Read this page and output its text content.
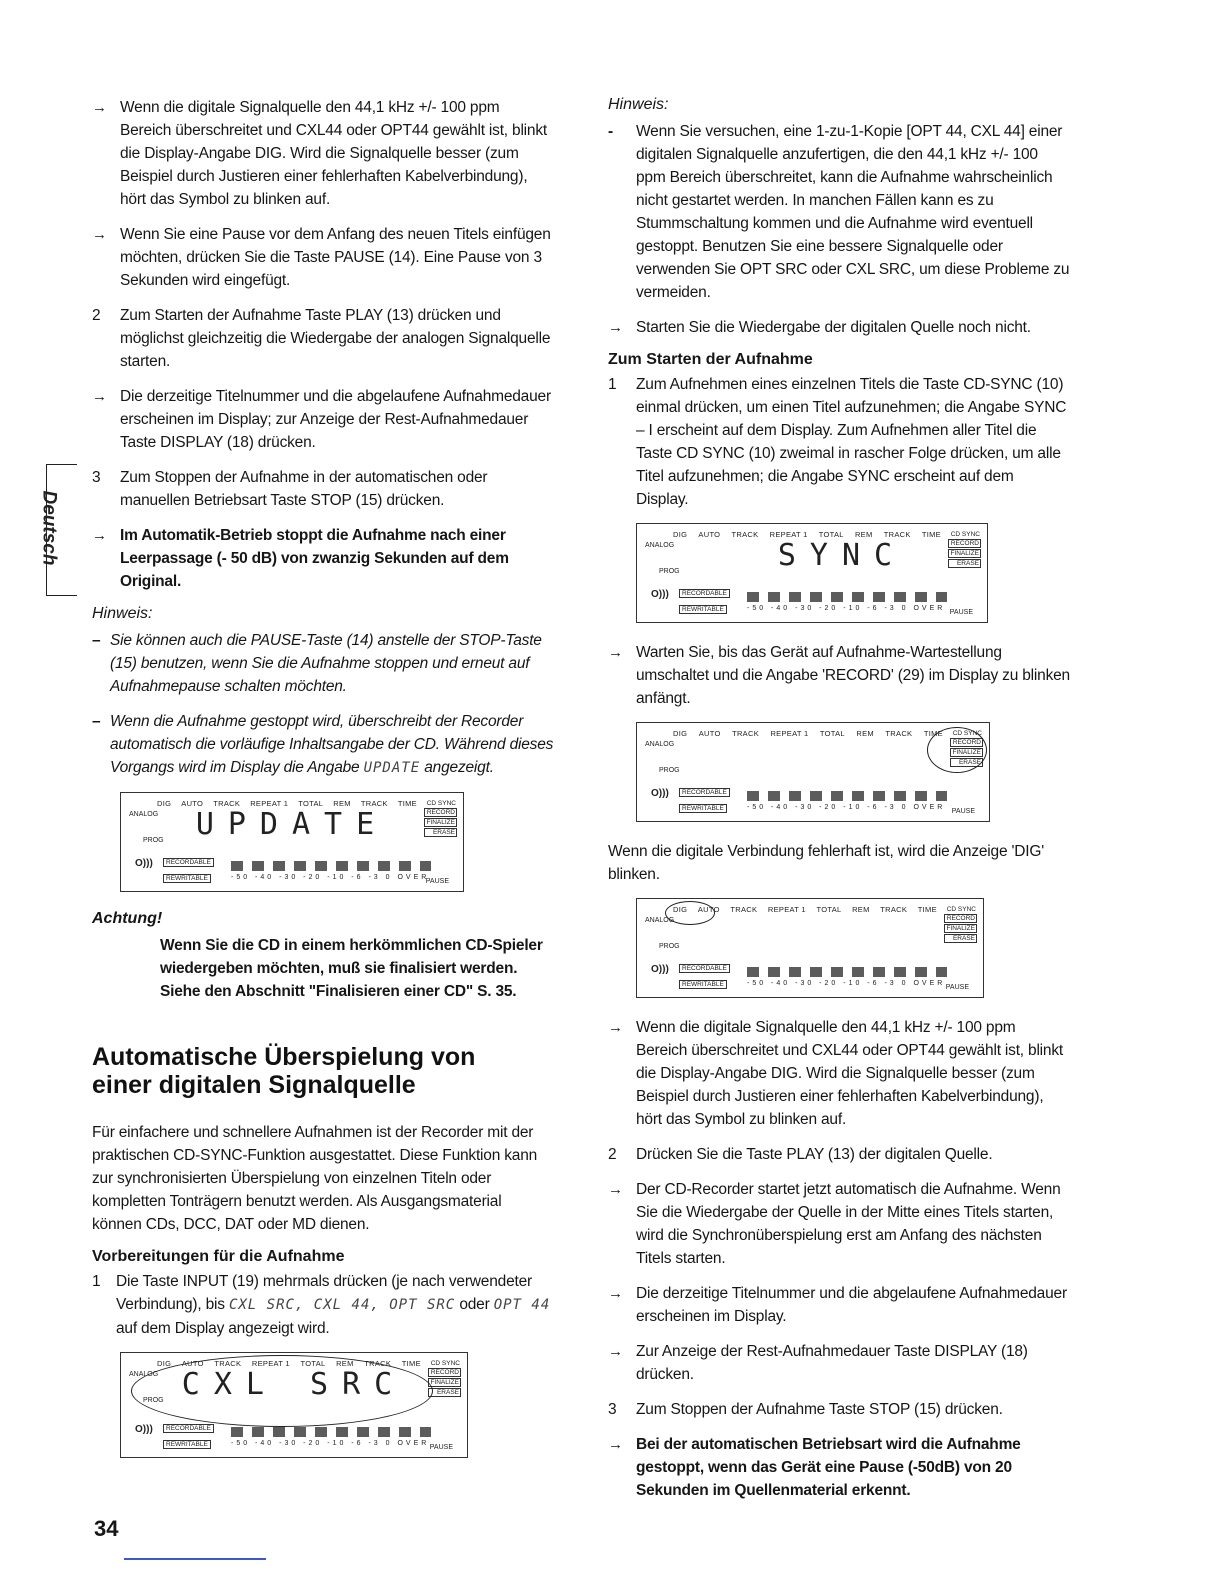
Deutsch
→ Wenn die digitale Signalquelle den 44,1 kHz +/- 100 ppm Bereich überschreitet und CXL44 oder OPT44 gewählt ist, blinkt die Display-Angabe DIG. Wird die Signalquelle besser (zum Beispiel durch Justieren einer fehlerhaften Kabelverbindung), hört das Symbol zu blinken auf.
→ Wenn Sie eine Pause vor dem Anfang des neuen Titels einfügen möchten, drücken Sie die Taste PAUSE (14). Eine Pause von 3 Sekunden wird eingefügt.
2	Zum Starten der Aufnahme Taste PLAY (13) drücken und möglichst gleichzeitig die Wiedergabe der analogen Signalquelle starten.
→ Die derzeitige Titelnummer und die abgelaufene Aufnahmedauer erscheinen im Display; zur Anzeige der Rest-Aufnahmedauer Taste DISPLAY (18) drücken.
3	Zum Stoppen der Aufnahme in der automatischen oder manuellen Betriebsart Taste STOP (15) drücken.
→ Im Automatik-Betrieb stoppt die Aufnahme nach einer Leerpassage (- 50 dB) von zwanzig Sekunden auf dem Original.
Hinweis:
– Sie können auch die PAUSE-Taste (14) anstelle der STOP-Taste (15) benutzen, wenn Sie die Aufnahme stoppen und erneut auf Aufnahmepause schalten möchten.
– Wenn die Aufnahme gestoppt wird, überschreibt der Recorder automatisch die vorläufige Inhaltsangabe der CD. Während dieses Vorgangs wird im Display die Angabe UPDATE angezeigt.
DIG AUTO TRACK REPEAT 1 TOTAL REM TRACK TIME
ANALOG
PROG	UPDATE
CD SYNC
RECORD
FINALIZE
ERASE
O)))	RECORDABLE
REWRITABLE	-50 -40 -30 -20 -10 -6 -3 0 OVER
PAUSE
Achtung!
Wenn Sie die CD in einem herkömmlichen CD-Spieler wiedergeben möchten, muß sie finalisiert werden. Siehe den Abschnitt "Finalisieren einer CD" S. 35.
Automatische Überspielung von einer digitalen Signalquelle
Für einfachere und schnellere Aufnahmen ist der Recorder mit der praktischen CD-SYNC-Funktion ausgestattet. Diese Funktion kann zur synchronisierten Überspielung von einzelnen Titeln oder kompletten Tonträgern benutzt werden. Als Ausgangsmaterial können CDs, DCC, DAT oder MD dienen.
Vorbereitungen für die Aufnahme
1	Die Taste INPUT (19) mehrmals drücken (je nach verwendeter Verbindung), bis CXL SRC, CXL 44, OPT SRC oder OPT 44 auf dem Display angezeigt wird.
DIG AUTO TRACK REPEAT 1 TOTAL REM TRACK TIME
ANALOG
PROG CXL SRC
CD SYNC
RECORD
FINALIZE
ERASE
O)))	RECORDABLE
REWRITABLE	-50 -40 -30 -20 -10 -6 -3 0 OVER
PAUSE
Hinweis:
-	Wenn Sie versuchen, eine 1-zu-1-Kopie [OPT 44, CXL 44] einer digitalen Signalquelle anzufertigen, die den 44,1 kHz +/- 100 ppm Bereich überschreitet, kann die Aufnahme wahrscheinlich nicht gestartet werden. In manchen Fällen kann es zu Stummschaltung kommen und die Aufnahme wird eventuell gestoppt. Benutzen Sie eine bessere Signalquelle oder verwenden Sie OPT SRC oder CXL SRC, um diese Probleme zu vermeiden.
→ Starten Sie die Wiedergabe der digitalen Quelle noch nicht.
Zum Starten der Aufnahme
1	Zum Aufnehmen eines einzelnen Titels die Taste CD-SYNC (10) einmal drücken, um einen Titel aufzunehmen; die Angabe SYNC – I erscheint auf dem Display. Zum Aufnehmen aller Titel die Taste CD SYNC (10) zweimal in rascher Folge drücken, um alle Titel aufzunehmen; die Angabe SYNC erscheint auf dem Display.
DIG AUTO TRACK REPEAT 1 TOTAL REM TRACK TIME
ANALOG
PROG	SYNC
CD SYNC
RECORD
FINALIZE
ERASE
O)))	RECORDABLE
REWRITABLE	-50 -40 -30 -20 -10 -6 -3 0 OVER
PAUSE
→ Warten Sie, bis das Gerät auf Aufnahme-Wartestellung umschaltet und die Angabe 'RECORD' (29) im Display zu blinken anfängt.
DIG AUTO TRACK REPEAT 1 TOTAL REM TRACK TIME
ANALOG
PROG
CD SYNC
RECORD
FINALIZE
ERASE
O)))	RECORDABLE
REWRITABLE	-50 -40 -30 -20 -10 -6 -3 0 OVER
PAUSE
Wenn die digitale Verbindung fehlerhaft ist, wird die Anzeige 'DIG' blinken.
DIG AUTO TRACK REPEAT 1 TOTAL REM TRACK TIME
ANALOG
PROG
CD SYNC
RECORD
FINALIZE
ERASE
O)))	RECORDABLE
REWRITABLE	-50 -40 -30 -20 -10 -6 -3 0 OVER
PAUSE
→ Wenn die digitale Signalquelle den 44,1 kHz +/- 100 ppm Bereich überschreitet und CXL44 oder OPT44 gewählt ist, blinkt die Display-Angabe DIG. Wird die Signalquelle besser (zum Beispiel durch Justieren einer fehlerhaften Kabelverbindung), hört das Symbol zu blinken auf.
2	Drücken Sie die Taste PLAY (13) der digitalen Quelle.
→ Der CD-Recorder startet jetzt automatisch die Aufnahme. Wenn Sie die Wiedergabe der Quelle in der Mitte eines Titels starten, wird die Synchronüberspielung erst am Anfang des nächsten Titels starten.
→ Die derzeitige Titelnummer und die abgelaufene Aufnahmedauer erscheinen im Display.
→ Zur Anzeige der Rest-Aufnahmedauer Taste DISPLAY (18) drücken.
3	Zum Stoppen der Aufnahme Taste STOP (15) drücken.
→ Bei der automatischen Betriebsart wird die Aufnahme gestoppt, wenn das Gerät eine Pause (-50dB) von 20 Sekunden im Quellenmaterial erkennt.
34
